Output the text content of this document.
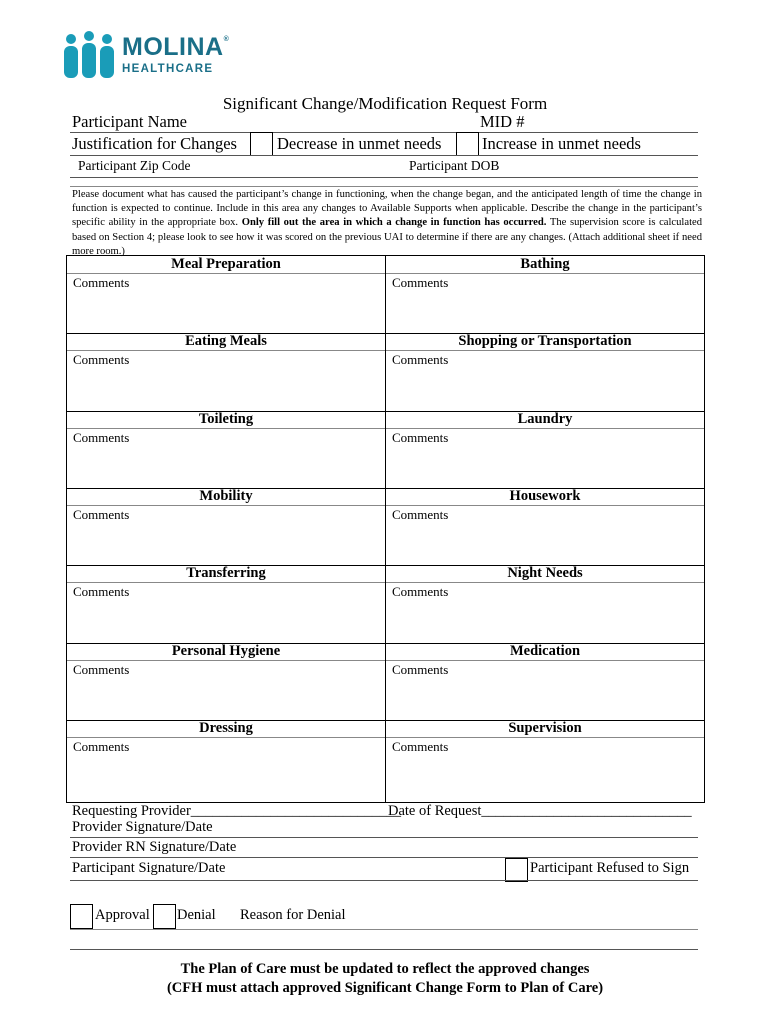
MOLINA®
HEALTHCARE
Significant Change/Modification Request Form
Participant Name	MID #
Justification for Changes Decrease in unmet needs Increase in unmet needs
Participant Zip Code	Participant DOB
Please document what has caused the participant’s change in functioning, when the change began, and the anticipated length of time the change in function is expected to continue. Include in this area any changes to Available Supports when applicable. Describe the change in the participant’s specific ability in the appropriate box. Only fill out the area in which a change in function has occurred. The supervision score is calculated based on Section 4; please look to see how it was scored on the previous UAI to determine if there are any changes. (Attach additional sheet if need more room.)
Meal Preparation
Comments
Bathing
Comments
Eating Meals
Comments
Shopping or Transportation
Comments
Toileting
Comments
Laundry
Comments
Mobility
Comments
Housework
Comments
Transferring
Comments
Night Needs
Comments
Personal Hygiene
Comments
Medication
Comments
Dressing
Comments
Supervision
Comments
Requesting Provider_____________________________
Date of Request_____________________________
Provider Signature/Date
Provider RN Signature/Date
Participant Signature/Date	Participant Refused to Sign
Approval Denial Reason for Denial
The Plan of Care must be updated to reflect the approved changes
(CFH must attach approved Significant Change Form to Plan of Care)
